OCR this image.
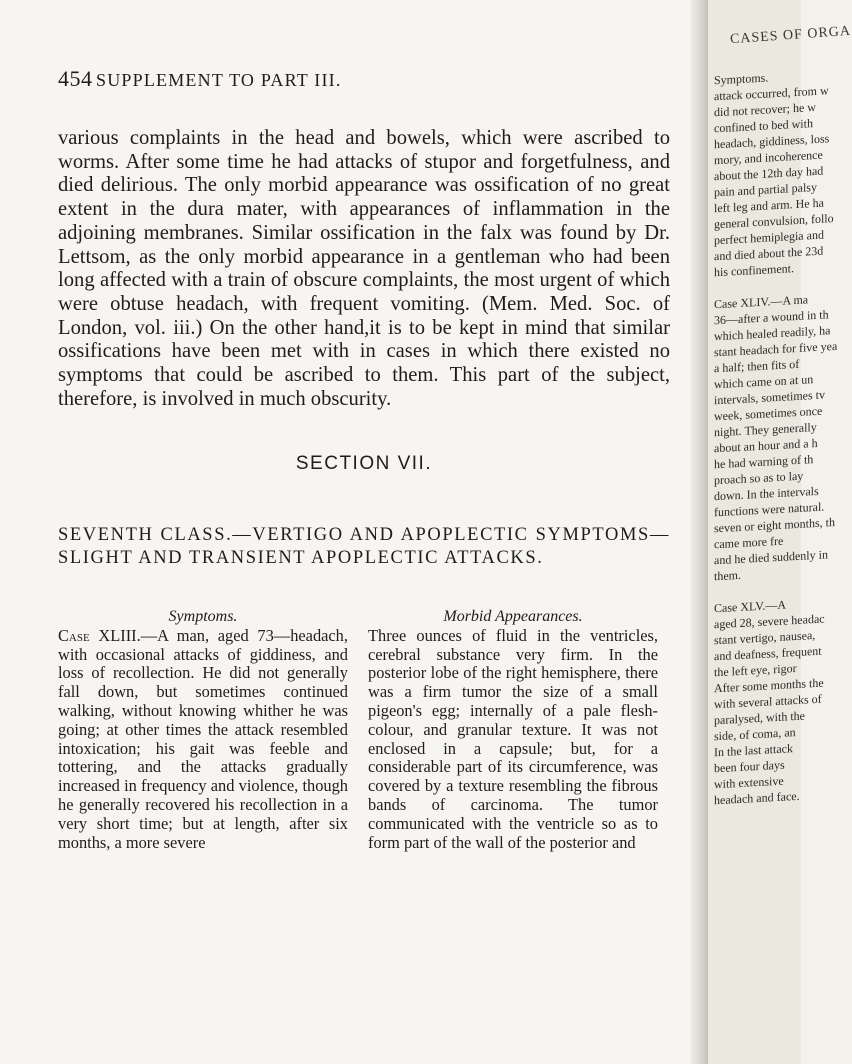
454 SUPPLEMENT TO PART III.

various complaints in the head and bowels, which were ascribed to worms. After some time he had attacks of stupor and forgetfulness, and died delirious. The only morbid appearance was ossification of no great extent in the dura mater, with appearances of inflammation in the adjoining membranes. Similar ossification in the falx was found by Dr. Lettsom, as the only morbid appearance in a gentleman who had been long affected with a train of obscure complaints, the most urgent of which were obtuse headach, with frequent vomiting. (Mem. Med. Soc. of London, vol. iii.) On the other hand,it is to be kept in mind that similar ossifications have been met with in cases in which there existed no symptoms that could be ascribed to them. This part of the subject, therefore, is involved in much obscurity.

SECTION VII.

SEVENTH CLASS.—VERTIGO AND APOPLECTIC SYMPTOMS—SLIGHT AND TRANSIENT APOPLECTIC ATTACKS.

Symptoms.

Case XLIII.—A man, aged 73—headach, with occasional attacks of giddiness, and loss of recollection. He did not generally fall down, but sometimes continued walking, without knowing whither he was going; at other times the attack resembled intoxication; his gait was feeble and tottering, and the attacks gradually increased in frequency and violence, though he generally recovered his recollection in a very short time; but at length, after six months, a more severe

Morbid Appearances.

Three ounces of fluid in the ventricles, cerebral substance very firm. In the posterior lobe of the right hemisphere, there was a firm tumor the size of a small pigeon's egg; internally of a pale flesh-colour, and granular texture. It was not enclosed in a capsule; but, for a considerable part of its circumference, was covered by a texture resembling the fibrous bands of carcinoma. The tumor communicated with the ventricle so as to form part of the wall of the posterior and

CASES OF ORGA
Symptoms.
attack occurred, from w
did not recover; he w
confined to bed with
headach, giddiness, loss
mory, and incoherence
about the 12th day had
pain and partial palsy
left leg and arm. He ha
general convulsion, follo
perfect hemiplegia and
and died about the 23d
his confinement.

Case XLIV.—A ma
36—after a wound in th
which healed readily, ha
stant headach for five yea
a half; then fits of
which came on at un
intervals, sometimes tv
week, sometimes once
night. They generally
about an hour and a h
he had warning of th
proach so as to lay
down. In the intervals
functions were natural.
seven or eight months, th
came more fre
and he died suddenly in
them.

Case XLV.—A
aged 28, severe headac
stant vertigo, nausea,
and deafness, frequent
the left eye, rigor
After some months the
with several attacks of
paralysed, with the
side, of coma, an
In the last attack
been four days
with extensive
headach and face.
